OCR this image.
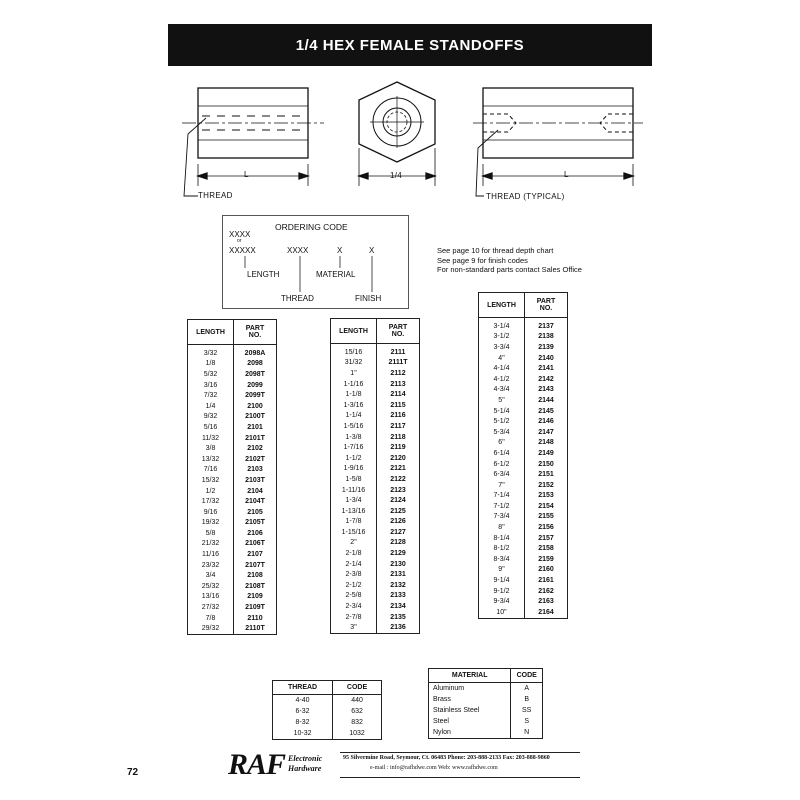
1/4 HEX FEMALE STANDOFFS
THREAD
L	1/4	L
THREAD (TYPICAL)
ORDERING CODE
XXXX
or
XXXXX	XXXX	X	X
LENGTH
THREAD
MATERIAL
FINISH
See page 10 for thread depth chart
See page 9 for finish codes
For non-standard parts contact Sales Office
LENGTH	PART
NO.
3/32	2098A
1/8	2098
5/32	2098T
3/16	2099
7/32	2099T
1/4	2100
9/32	2100T
5/16	2101
11/32	2101T
3/8	2102
13/32	2102T
7/16	2103
15/32	2103T
1/2	2104
17/32	2104T
9/16	2105
19/32	2105T
5/8	2106
21/32	2106T
11/16	2107
23/32	2107T
3/4	2108
25/32	2108T
13/16	2109
27/32	2109T
7/8	2110
29/32	2110T
LENGTH	PART
NO.
15/16	2111
31/32	2111T
1"	2112
1-1/16	2113
1-1/8	2114
1-3/16	2115
1-1/4	2116
1-5/16	2117
1-3/8	2118
1-7/16	2119
1-1/2	2120
1-9/16	2121
1-5/8	2122
1-11/16	2123
1-3/4	2124
1-13/16	2125
1-7/8	2126
1-15/16	2127
2"	2128
2-1/8	2129
2-1/4	2130
2-3/8	2131
2-1/2	2132
2-5/8	2133
2-3/4	2134
2-7/8	2135
3"	2136
LENGTH	PART
NO.
3-1/4	2137
3-1/2	2138
3-3/4	2139
4"	2140
4-1/4	2141
4-1/2	2142
4-3/4	2143
5"	2144
5-1/4	2145
5-1/2	2146
5-3/4	2147
6"	2148
6-1/4	2149
6-1/2	2150
6-3/4	2151
7"	2152
7-1/4	2153
7-1/2	2154
7-3/4	2155
8"	2156
8-1/4	2157
8-1/2	2158
8-3/4	2159
9"	2160
9-1/4	2161
9-1/2	2162
9-3/4	2163
10"	2164
THREAD	CODE
4-40	440
6-32	632
8-32	832
10-32	1032
MATERIAL	CODE
Aluminum	A
Brass	B
Stainless Steel	SS
Steel	S
Nylon	N
72	RAF Electronic
Hardware
95 Silvermine Road, Seymour, Ct. 06483 Phone: 203-888-2133 Fax: 203-888-9860
e-mail : info@rafhdwe.com Web: www.rafhdwe.com
